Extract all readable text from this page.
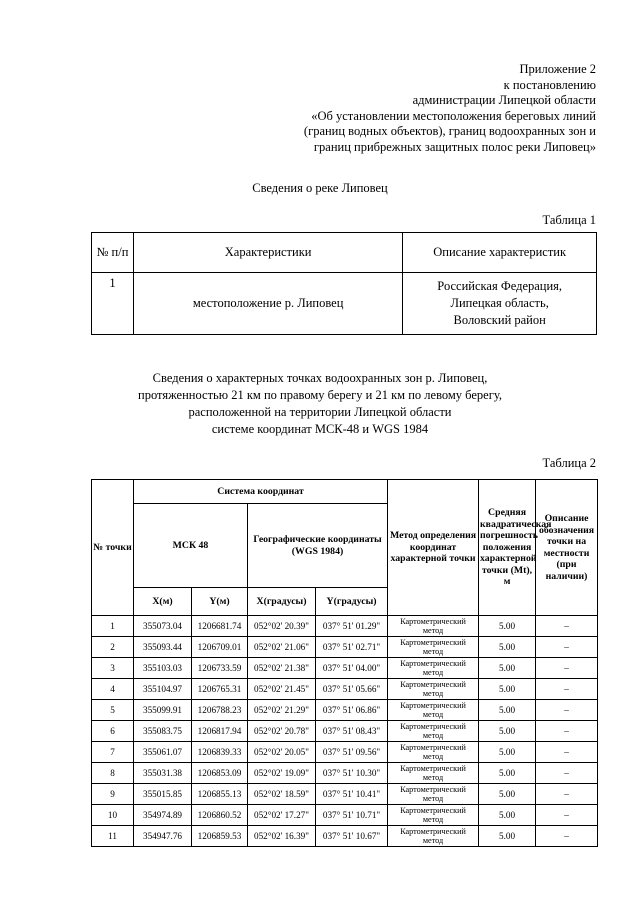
Приложение 2
к постановлению
администрации Липецкой области
«Об установлении местоположения береговых линий
(границ водных объектов), границ водоохранных зон и
границ прибрежных защитных полос реки Липовец»
Сведения о реке Липовец
Таблица 1
№ п/п	Характеристики	Описание характеристик
1	местоположение р. Липовец	Российская Федерация,
Липецкая область,
Воловский район
Сведения о характерных точках водоохранных зон р. Липовец,
протяженностью 21 км по правому берегу и 21 км по левому берегу,
расположенной на территории Липецкой области
системе координат МСК-48 и WGS 1984
Таблица 2
№ точки	Система координат				Метод определения координат характерной точки	Средняя квадратическая погрешность положения характерной точки (Mt), м	Описание обозначения точки на местности (при наличии)
	МСК 48		Географические координаты (WGS 1984)				
	X(м)	Y(м)	X(градусы)	Y(градусы)			
1	355073.04	1206681.74	052°02' 20.39"	037° 51' 01.29"	Картометрический метод	5.00	–
2	355093.44	1206709.01	052°02' 21.06"	037° 51' 02.71"	Картометрический метод	5.00	–
3	355103.03	1206733.59	052°02' 21.38"	037° 51' 04.00"	Картометрический метод	5.00	–
4	355104.97	1206765.31	052°02' 21.45"	037° 51' 05.66"	Картометрический метод	5.00	–
5	355099.91	1206788.23	052°02' 21.29"	037° 51' 06.86"	Картометрический метод	5.00	–
6	355083.75	1206817.94	052°02' 20.78"	037° 51' 08.43"	Картометрический метод	5.00	–
7	355061.07	1206839.33	052°02' 20.05"	037° 51' 09.56"	Картометрический метод	5.00	–
8	355031.38	1206853.09	052°02' 19.09"	037° 51' 10.30"	Картометрический метод	5.00	–
9	355015.85	1206855.13	052°02' 18.59"	037° 51' 10.41"	Картометрический метод	5.00	–
10	354974.89	1206860.52	052°02' 17.27"	037° 51' 10.71"	Картометрический метод	5.00	–
11	354947.76	1206859.53	052°02' 16.39"	037° 51' 10.67"	Картометрический метод	5.00	–
